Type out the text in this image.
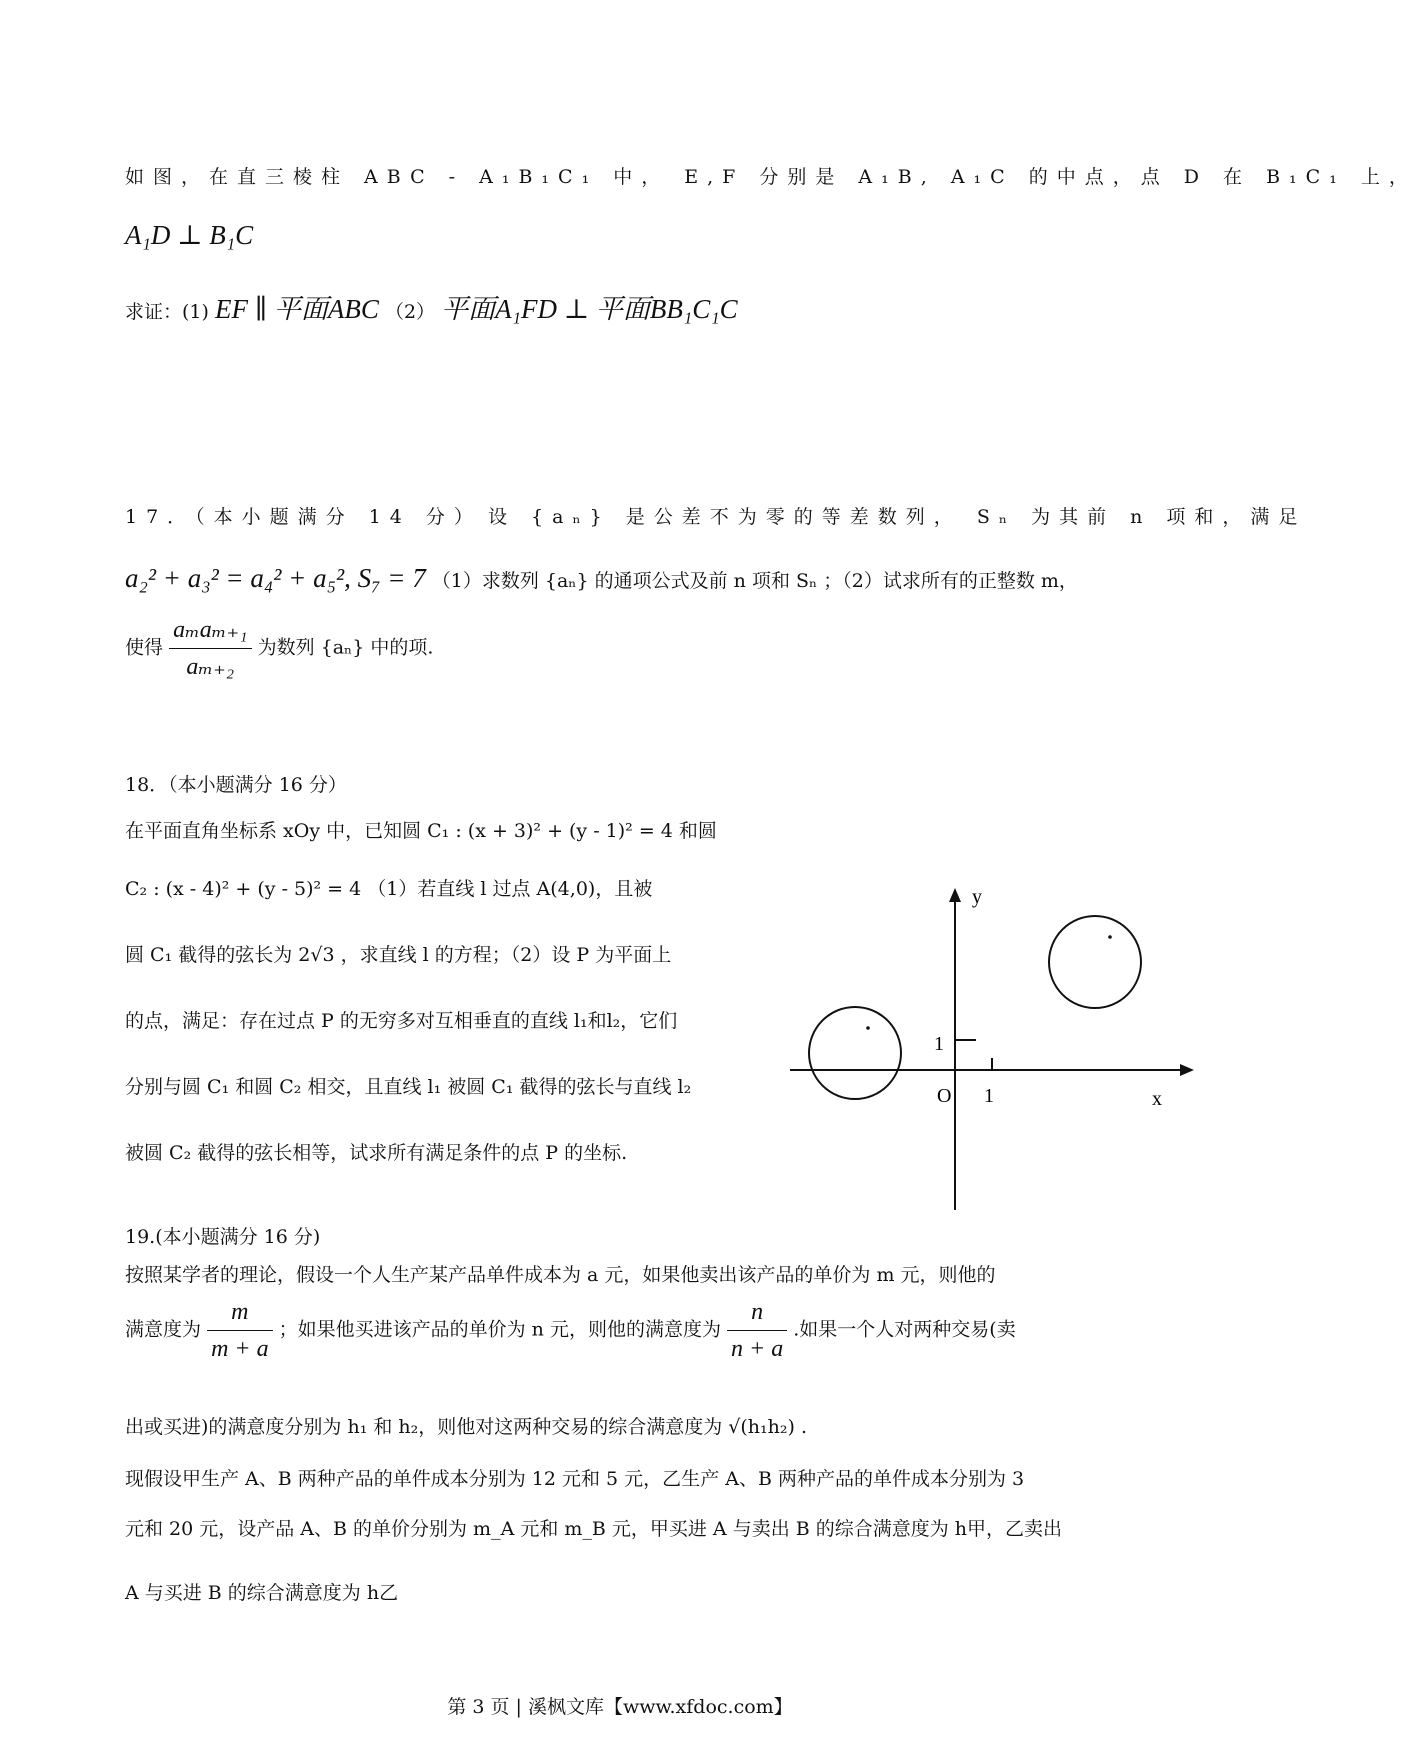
如图，在直三棱柱 ABC - A₁B₁C₁ 中， E,F 分别是 A₁B, A₁C 的中点，点 D 在 B₁C₁ 上，
A₁D ⊥ B₁C
求证：(1) EF ∥ 平面ABC （2） 平面A₁FD ⊥ 平面BB₁C₁C
17．（本小题满分 14 分） 设 {aₙ} 是公差不为零的等差数列， Sₙ 为其前 n 项和，满足
a₂² + a₃² = a₄² + a₅², S₇ = 7 （1）求数列 {aₙ} 的通项公式及前 n 项和 Sₙ ；（2）试求所有的正整数 m，
使得 $\frac{\text{aₘaₘ₊₁}}{\text{aₘ₊₂}}$ 为数列 {aₙ} 中的项.
18．（本小题满分 16 分）
在平面直角坐标系 xOy 中，已知圆 C₁ : (x + 3)² + (y - 1)² = 4 和圆
C₂ : (x - 4)² + (y - 5)² = 4 （1）若直线 l 过点 A(4,0)，且被
圆 C₁ 截得的弦长为 2√3 ，求直线 l 的方程；（2）设 P 为平面上
的点，满足：存在过点 P 的无穷多对互相垂直的直线 l₁和l₂，它们
分别与圆 C₁ 和圆 C₂ 相交，且直线 l₁ 被圆 C₁ 截得的弦长与直线 l₂
被圆 C₂ 截得的弦长相等，试求所有满足条件的点 P 的坐标.
y
x
O 1
1
19.(本小题满分 16 分)
按照某学者的理论，假设一个人生产某产品单件成本为 a 元，如果他卖出该产品的单价为 m 元，则他的
满意度为 $\frac{m}{m + a}$ ；如果他买进该产品的单价为 n 元，则他的满意度为 $\frac{n}{n + a}$ .如果一个人对两种交易(卖
出或买进)的满意度分别为 h₁ 和 h₂，则他对这两种交易的综合满意度为 √(h₁h₂) .
现假设甲生产 A、B 两种产品的单件成本分别为 12 元和 5 元，乙生产 A、B 两种产品的单件成本分别为 3
元和 20 元，设产品 A、B 的单价分别为 m_A 元和 m_B 元，甲买进 A 与卖出 B 的综合满意度为 h甲，乙卖出
A 与买进 B 的综合满意度为 h乙
第 3 页 | 溪枫文库【www.xfdoc.com】
